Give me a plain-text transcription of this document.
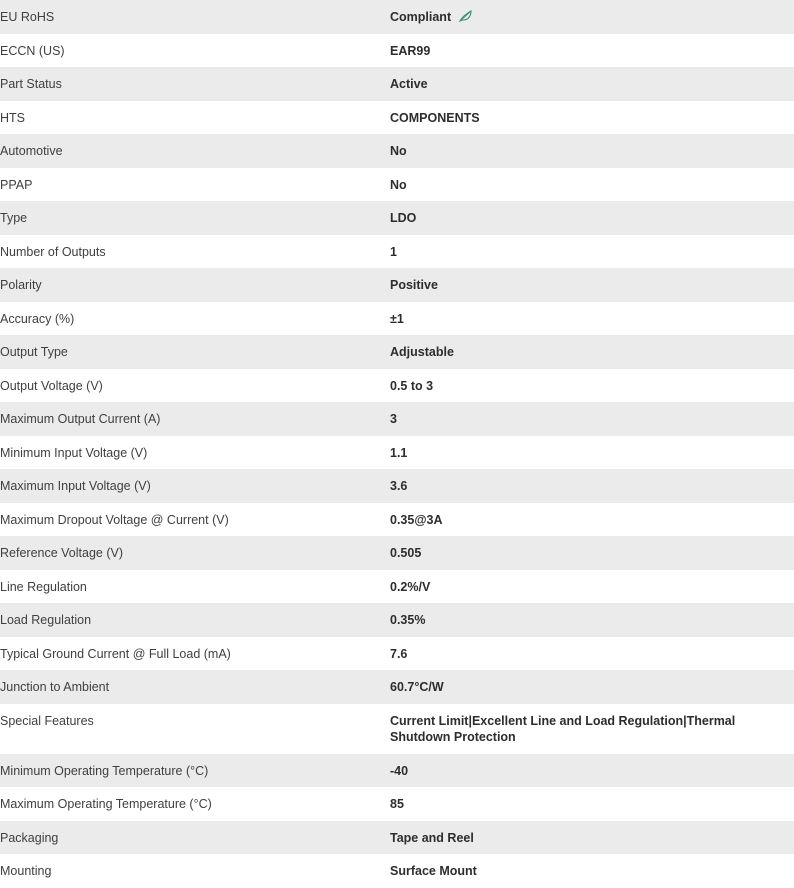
EU RoHS	Compliant
ECCN (US)	EAR99
Part Status	Active
HTS	COMPONENTS
Automotive	No
PPAP	No
Type	LDO
Number of Outputs	1
Polarity	Positive
Accuracy (%)	±1
Output Type	Adjustable
Output Voltage (V)	0.5 to 3
Maximum Output Current (A)	3
Minimum Input Voltage (V)	1.1
Maximum Input Voltage (V)	3.6
Maximum Dropout Voltage @ Current (V)	0.35@3A
Reference Voltage (V)	0.505
Line Regulation	0.2%/V
Load Regulation	0.35%
Typical Ground Current @ Full Load (mA)	7.6
Junction to Ambient	60.7°C/W
Special Features	Current Limit|Excellent Line and Load Regulation|Thermal Shutdown Protection
Minimum Operating Temperature (°C)	-40
Maximum Operating Temperature (°C)	85
Packaging	Tape and Reel
Mounting	Surface Mount
